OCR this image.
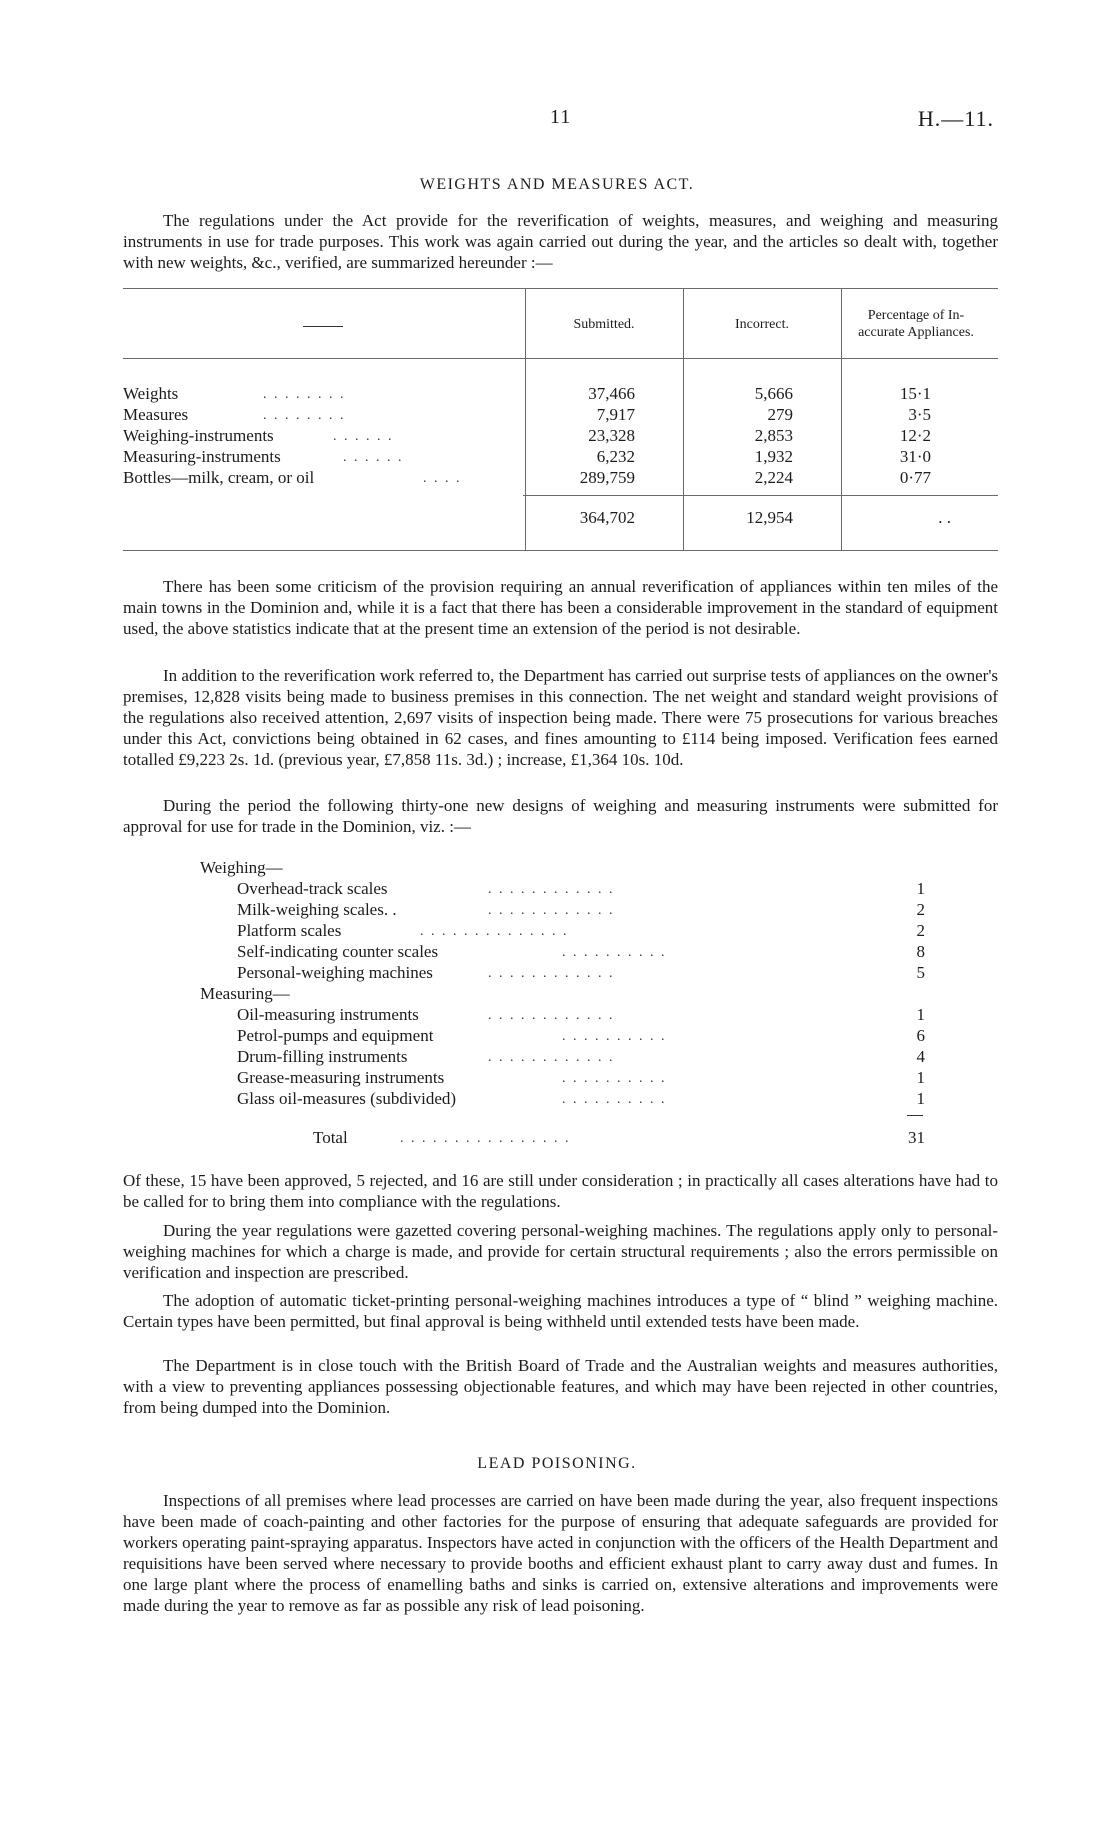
11	H.—11.
WEIGHTS AND MEASURES ACT.

The regulations under the Act provide for the reverification of weights, measures, and weighing and measuring instruments in use for trade purposes. This work was again carried out during the year, and the articles so dealt with, together with new weights, &c., verified, are summarized hereunder :—

Submitted.	Incorrect.
Percentage of In-accurate Appliances.
Weights	. . . . . . . .	37,466	5,666	15·1
Measures	. . . . . . . .	7,917	279	3·5
Weighing-instruments	. . . . . .	23,328	2,853	12·2
Measuring-instruments	. . . . . .	6,232	1,932	31·0
Bottles—milk, cream, or oil	. . . .	289,759	2,224	0·77
364,702	12,954	. .

There has been some criticism of the provision requiring an annual reverification of appliances within ten miles of the main towns in the Dominion and, while it is a fact that there has been a considerable improvement in the standard of equipment used, the above statistics indicate that at the present time an extension of the period is not desirable.

In addition to the reverification work referred to, the Department has carried out surprise tests of appliances on the owner's premises, 12,828 visits being made to business premises in this connection. The net weight and standard weight provisions of the regulations also received attention, 2,697 visits of inspection being made. There were 75 prosecutions for various breaches under this Act, convictions being obtained in 62 cases, and fines amounting to £114 being imposed. Verification fees earned totalled £9,223 2s. 1d. (previous year, £7,858 11s. 3d.) ; increase, £1,364 10s. 10d.

During the period the following thirty-one new designs of weighing and measuring instruments were submitted for approval for use for trade in the Dominion, viz. :—

Weighing—
Overhead-track scales	. . . . . . . . . . . .	1
Milk-weighing scales. .	. . . . . . . . . . . .	2
Platform scales	. . . . . . . . . . . . . .	2
Self-indicating counter scales	. . . . . . . . . .	8
Personal-weighing machines	. . . . . . . . . . . .	5
Measuring—
Oil-measuring instruments	. . . . . . . . . . . .	1
Petrol-pumps and equipment	. . . . . . . . . .	6
Drum-filling instruments	. . . . . . . . . . . .	4
Grease-measuring instruments	. . . . . . . . . .	1
Glass oil-measures (subdivided)	. . . . . . . . . .	1
Total	. . . . . . . . . . . . . . . .	31

Of these, 15 have been approved, 5 rejected, and 16 are still under consideration ; in practically all cases alterations have had to be called for to bring them into compliance with the regulations.

During the year regulations were gazetted covering personal-weighing machines. The regulations apply only to personal-weighing machines for which a charge is made, and provide for certain structural requirements ; also the errors permissible on verification and inspection are prescribed.

The adoption of automatic ticket-printing personal-weighing machines introduces a type of “ blind ” weighing machine. Certain types have been permitted, but final approval is being withheld until extended tests have been made.

The Department is in close touch with the British Board of Trade and the Australian weights and measures authorities, with a view to preventing appliances possessing objectionable features, and which may have been rejected in other countries, from being dumped into the Dominion.

LEAD POISONING.

Inspections of all premises where lead processes are carried on have been made during the year, also frequent inspections have been made of coach-painting and other factories for the purpose of ensuring that adequate safeguards are provided for workers operating paint-spraying apparatus. Inspectors have acted in conjunction with the officers of the Health Department and requisitions have been served where necessary to provide booths and efficient exhaust plant to carry away dust and fumes. In one large plant where the process of enamelling baths and sinks is carried on, extensive alterations and improvements were made during the year to remove as far as possible any risk of lead poisoning.
